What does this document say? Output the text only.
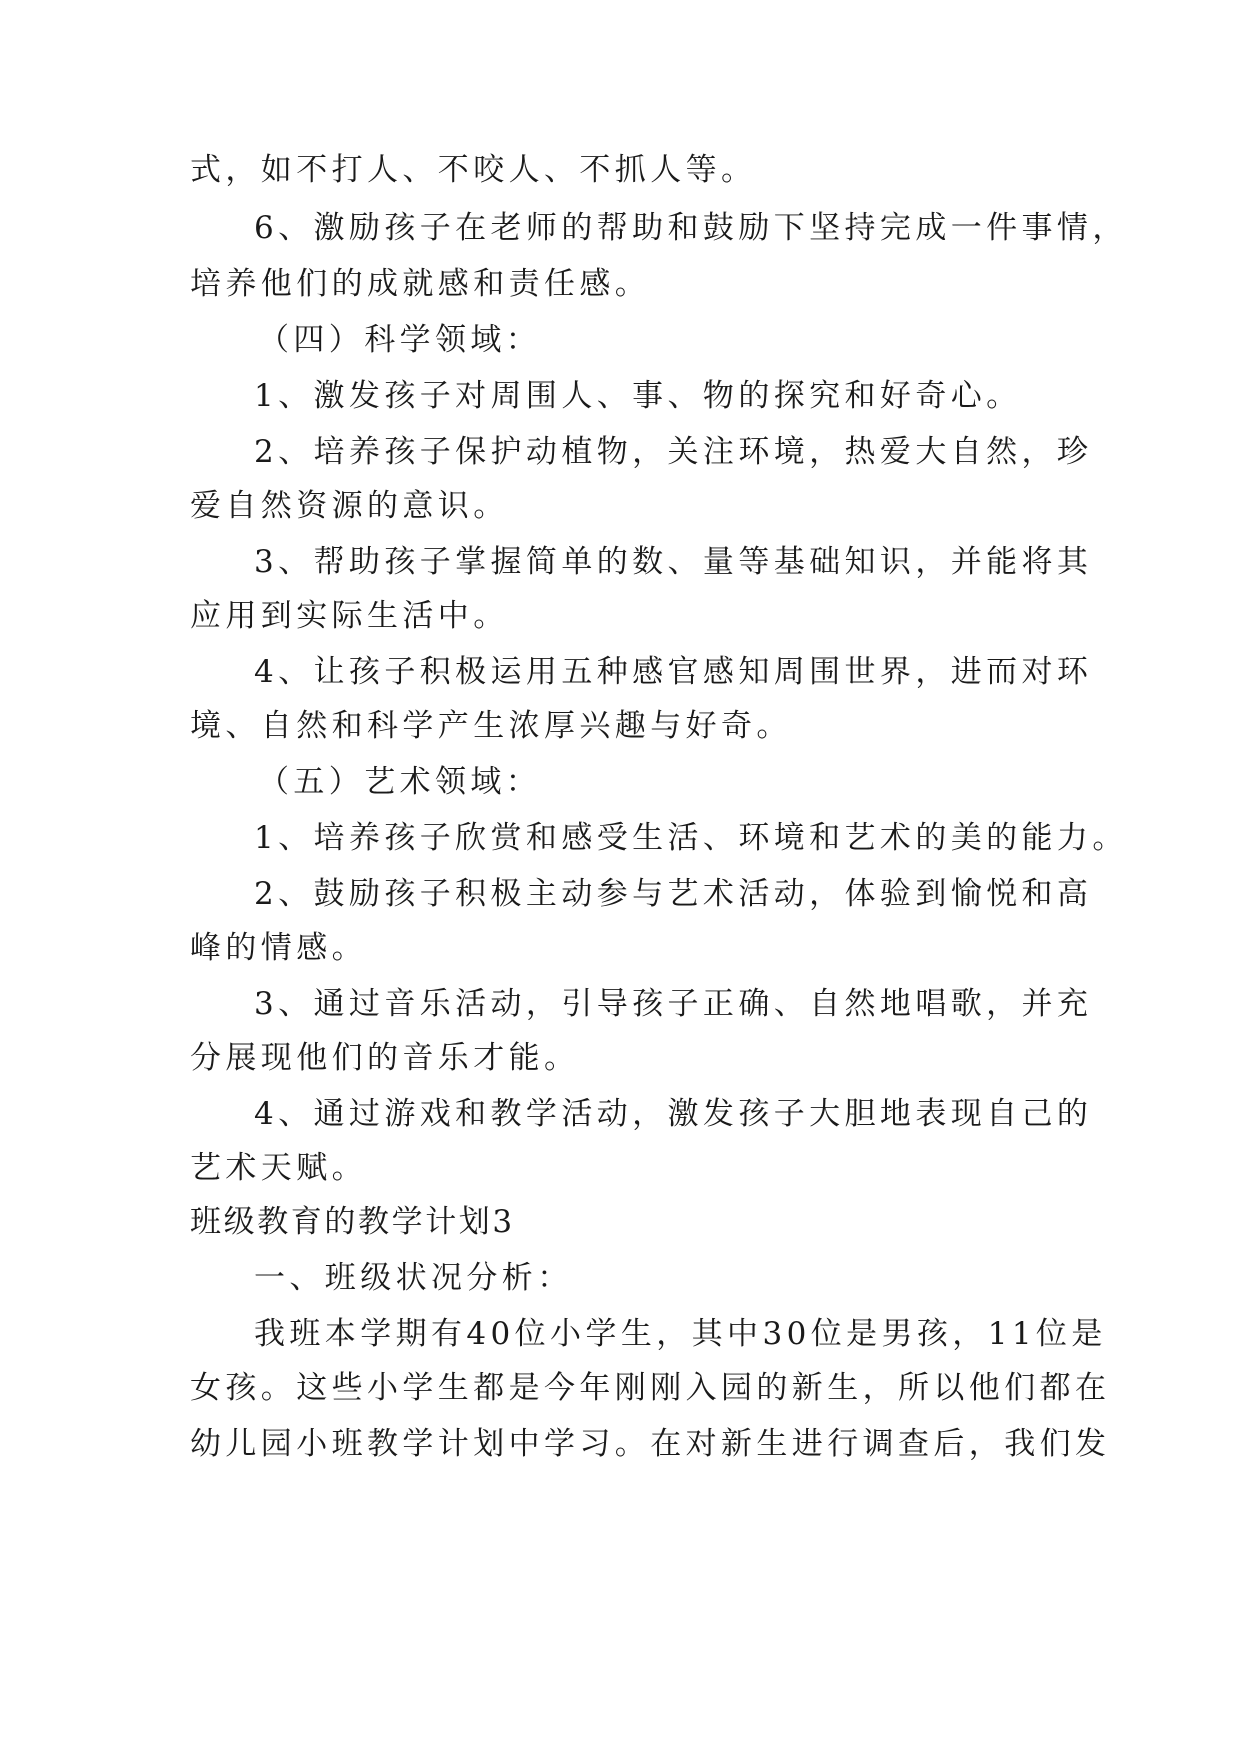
式，如不打人、不咬人、不抓人等。
6、激励孩子在老师的帮助和鼓励下坚持完成一件事情，
培养他们的成就感和责任感。
（四）科学领域：
1、激发孩子对周围人、事、物的探究和好奇心。
2、培养孩子保护动植物，关注环境，热爱大自然，珍
爱自然资源的意识。
3、帮助孩子掌握简单的数、量等基础知识，并能将其
应用到实际生活中。
4、让孩子积极运用五种感官感知周围世界，进而对环
境、自然和科学产生浓厚兴趣与好奇。
（五）艺术领域：
1、培养孩子欣赏和感受生活、环境和艺术的美的能力。
2、鼓励孩子积极主动参与艺术活动，体验到愉悦和高
峰的情感。
3、通过音乐活动，引导孩子正确、自然地唱歌，并充
分展现他们的音乐才能。
4、通过游戏和教学活动，激发孩子大胆地表现自己的
艺术天赋。
班级教育的教学计划3
一、班级状况分析：
我班本学期有40位小学生，其中30位是男孩，11位是
女孩。这些小学生都是今年刚刚入园的新生，所以他们都在
幼儿园小班教学计划中学习。在对新生进行调查后，我们发
